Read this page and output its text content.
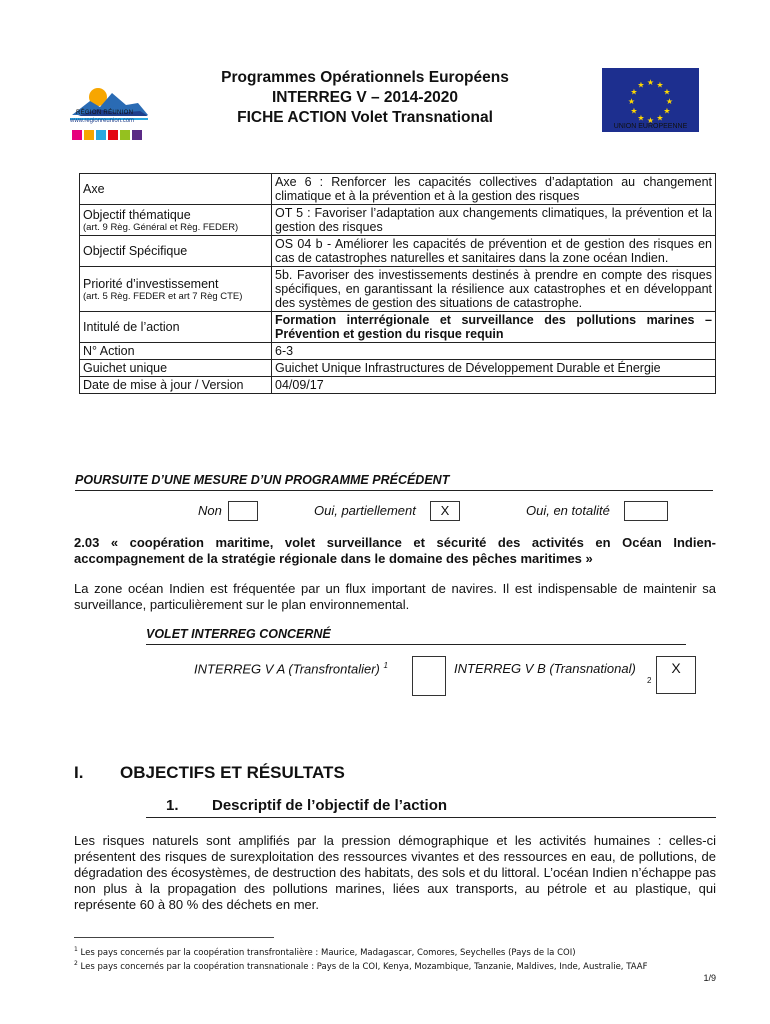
RÉGION RÉUNION
www.regionreunion.com
Programmes Opérationnels Européens
INTERREG V – 2014-2020
FICHE ACTION Volet Transnational
★ ★
★
★
★
★
★
★
★
★
★
★
UNION EUROPEENNE
Axe	Axe 6 : Renforcer les capacités collectives d’adaptation au changement climatique et à la prévention et à la gestion des risques
Objectif thématique
(art. 9 Règ. Général et Règ. FEDER)	OT 5 : Favoriser l’adaptation aux changements climatiques, la prévention et la gestion des risques
Objectif Spécifique	OS 04 b - Améliorer les capacités de prévention et de gestion des risques en cas de catastrophes naturelles et sanitaires dans la zone océan Indien.
Priorité d’investissement
(art. 5 Règ. FEDER et art 7 Règ CTE)	5b. Favoriser des investissements destinés à prendre en compte des risques spécifiques, en garantissant la résilience aux catastrophes et en développant des systèmes de gestion des situations de catastrophe.
Intitulé de l’action	Formation interrégionale et surveillance des pollutions marines – Prévention et gestion du risque requin
N° Action	6-3
Guichet unique	Guichet Unique Infrastructures de Développement Durable et Énergie
Date de mise à jour / Version	04/09/17
POURSUITE D’UNE MESURE D’UN PROGRAMME PRÉCÉDENT
Non	Oui, partiellement	X	Oui, en totalité
2.03 « coopération maritime, volet surveillance et sécurité des activités en Océan Indien-accompagnement de la stratégie régionale dans le domaine des pêches maritimes »
La zone océan Indien est fréquentée par un flux important de navires. Il est indispensable de maintenir sa surveillance, particulièrement sur le plan environnemental.
VOLET INTERREG CONCERNÉ
INTERREG V A (Transfrontalier) $^1$	INTERREG V B (Transnational)
2
X
I. OBJECTIFS ET RÉSULTATS
1. Descriptif de l’objectif de l’action
Les risques naturels sont amplifiés par la pression démographique et les activités humaines : celles-ci présentent des risques de surexploitation des ressources vivantes et des ressources en eau, de pollutions, de dégradation des écosystèmes, de destruction des habitats, des sols et du littoral. L’océan Indien n’échappe pas non plus à la propagation des pollutions marines, liées aux transports, au pétrole et au plastique, qui représente 60 à 80 % des déchets en mer.
$^1$ Les pays concernés par la coopération transfrontalière : Maurice, Madagascar, Comores, Seychelles (Pays de la COI)
$^2$ Les pays concernés par la coopération transnationale : Pays de la COI, Kenya, Mozambique, Tanzanie, Maldives, Inde, Australie, TAAF
1/9
